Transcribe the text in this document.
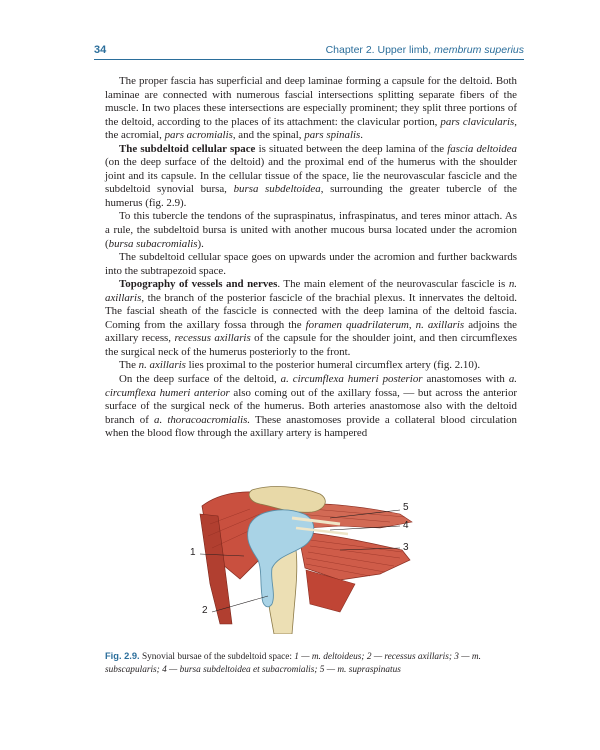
34	Chapter 2. Upper limb, membrum superius

The proper fascia has superficial and deep laminae forming a capsule for the deltoid. Both laminae are connected with numerous fascial intersections splitting separate fibers of the muscle. In two places these intersections are especially prominent; they split three portions of the deltoid, according to the places of its attachment: the clavicular portion, pars clavicularis, the acromial, pars acromialis, and the spinal, pars spinalis.

The subdeltoid cellular space is situated between the deep lamina of the fascia deltoidea (on the deep surface of the deltoid) and the proximal end of the humerus with the shoulder joint and its capsule. In the cellular tissue of the space, lie the neurovascular fascicle and the subdeltoid synovial bursa, bursa subdeltoidea, surrounding the greater tubercle of the humerus (fig. 2.9).

To this tubercle the tendons of the supraspinatus, infraspinatus, and teres minor attach. As a rule, the subdeltoid bursa is united with another mucous bursa located under the acromion (bursa subacromialis).

The subdeltoid cellular space goes on upwards under the acromion and further backwards into the subtrapezoid space.

Topography of vessels and nerves. The main element of the neurovascular fascicle is n. axillaris, the branch of the posterior fascicle of the brachial plexus. It innervates the deltoid. The fascial sheath of the fascicle is connected with the deep lamina of the deltoid fascia. Coming from the axillary fossa through the foramen quadrilaterum, n. axillaris adjoins the axillary recess, recessus axillaris of the capsule for the shoulder joint, and then circumflexes the surgical neck of the humerus posteriorly to the front.

The n. axillaris lies proximal to the posterior humeral circumflex artery (fig. 2.10).

On the deep surface of the deltoid, a. circumflexa humeri posterior anastomoses with a. circumflexa humeri anterior also coming out of the axillary fossa, — but across the anterior surface of the surgical neck of the humerus. Both arteries anastomose also with the deltoid branch of a. thoracoacromialis. These anastomoses provide a collateral blood circulation when the blood flow through the axillary artery is hampered

1
2
3
4
5
Fig. 2.9. Synovial bursae of the subdeltoid space: 1 — m. deltoideus; 2 — recessus axillaris; 3 — m. subscapularis; 4 — bursa subdeltoidea et subacromialis; 5 — m. supraspinatus
